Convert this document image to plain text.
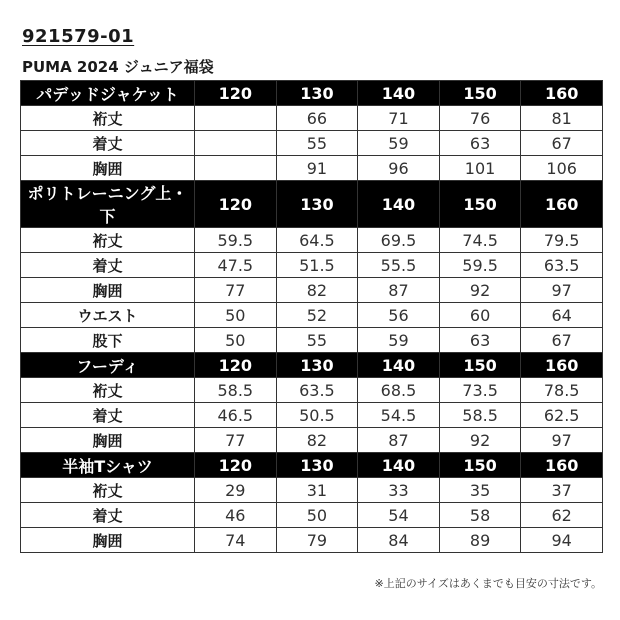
921579-01
PUMA 2024 ジュニア福袋
パデッドジャケット	120	130	140	150	160
裄丈		66	71	76	81
着丈		55	59	63	67
胸囲		91	96	101	106
ポリトレーニング上・下	120	130	140	150	160
裄丈	59.5	64.5	69.5	74.5	79.5
着丈	47.5	51.5	55.5	59.5	63.5
胸囲	77	82	87	92	97
ウエスト	50	52	56	60	64
股下	50	55	59	63	67
フーディ	120	130	140	150	160
裄丈	58.5	63.5	68.5	73.5	78.5
着丈	46.5	50.5	54.5	58.5	62.5
胸囲	77	82	87	92	97
半袖Tシャツ	120	130	140	150	160
裄丈	29	31	33	35	37
着丈	46	50	54	58	62
胸囲	74	79	84	89	94
※上記のサイズはあくまでも目安の寸法です。
